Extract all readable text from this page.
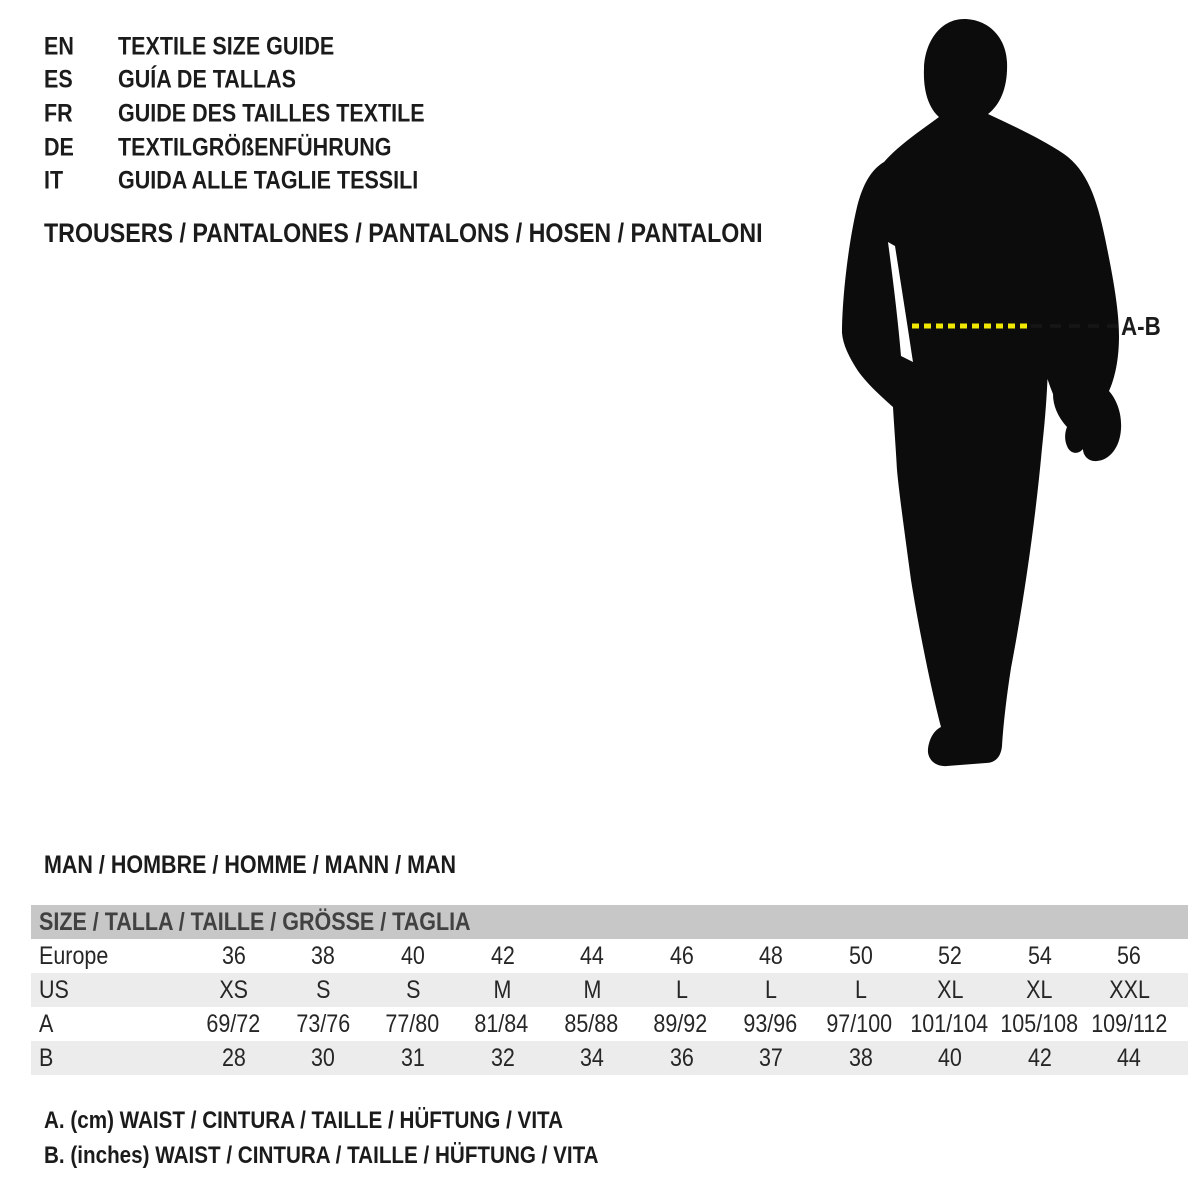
EN TEXTILE SIZE GUIDE
ES GUÍA DE TALLAS
FR GUIDE DES TAILLES TEXTILE
DE TEXTILGRÖßENFÜHRUNG
IT GUIDA ALLE TAGLIE TESSILI
TROUSERS / PANTALONES / PANTALONS / HOSEN / PANTALONI
A-B
MAN / HOMBRE / HOMME / MANN / MAN
SIZE / TALLA / TAILLE / GRÖSSE / TAGLIA
Europe	36	38	40	42	44	46	48	50	52	54	56
US	XS	S	S	M	M	L	L	L	XL	XL	XXL
A	69/72	73/76	77/80	81/84	85/88	89/92	93/96	97/100 101/104 105/108 109/112
B	28	30	31	32	34	36	37	38	40	42	44
A. (cm) WAIST / CINTURA / TAILLE / HÜFTUNG / VITA
B. (inches) WAIST / CINTURA / TAILLE / HÜFTUNG / VITA
